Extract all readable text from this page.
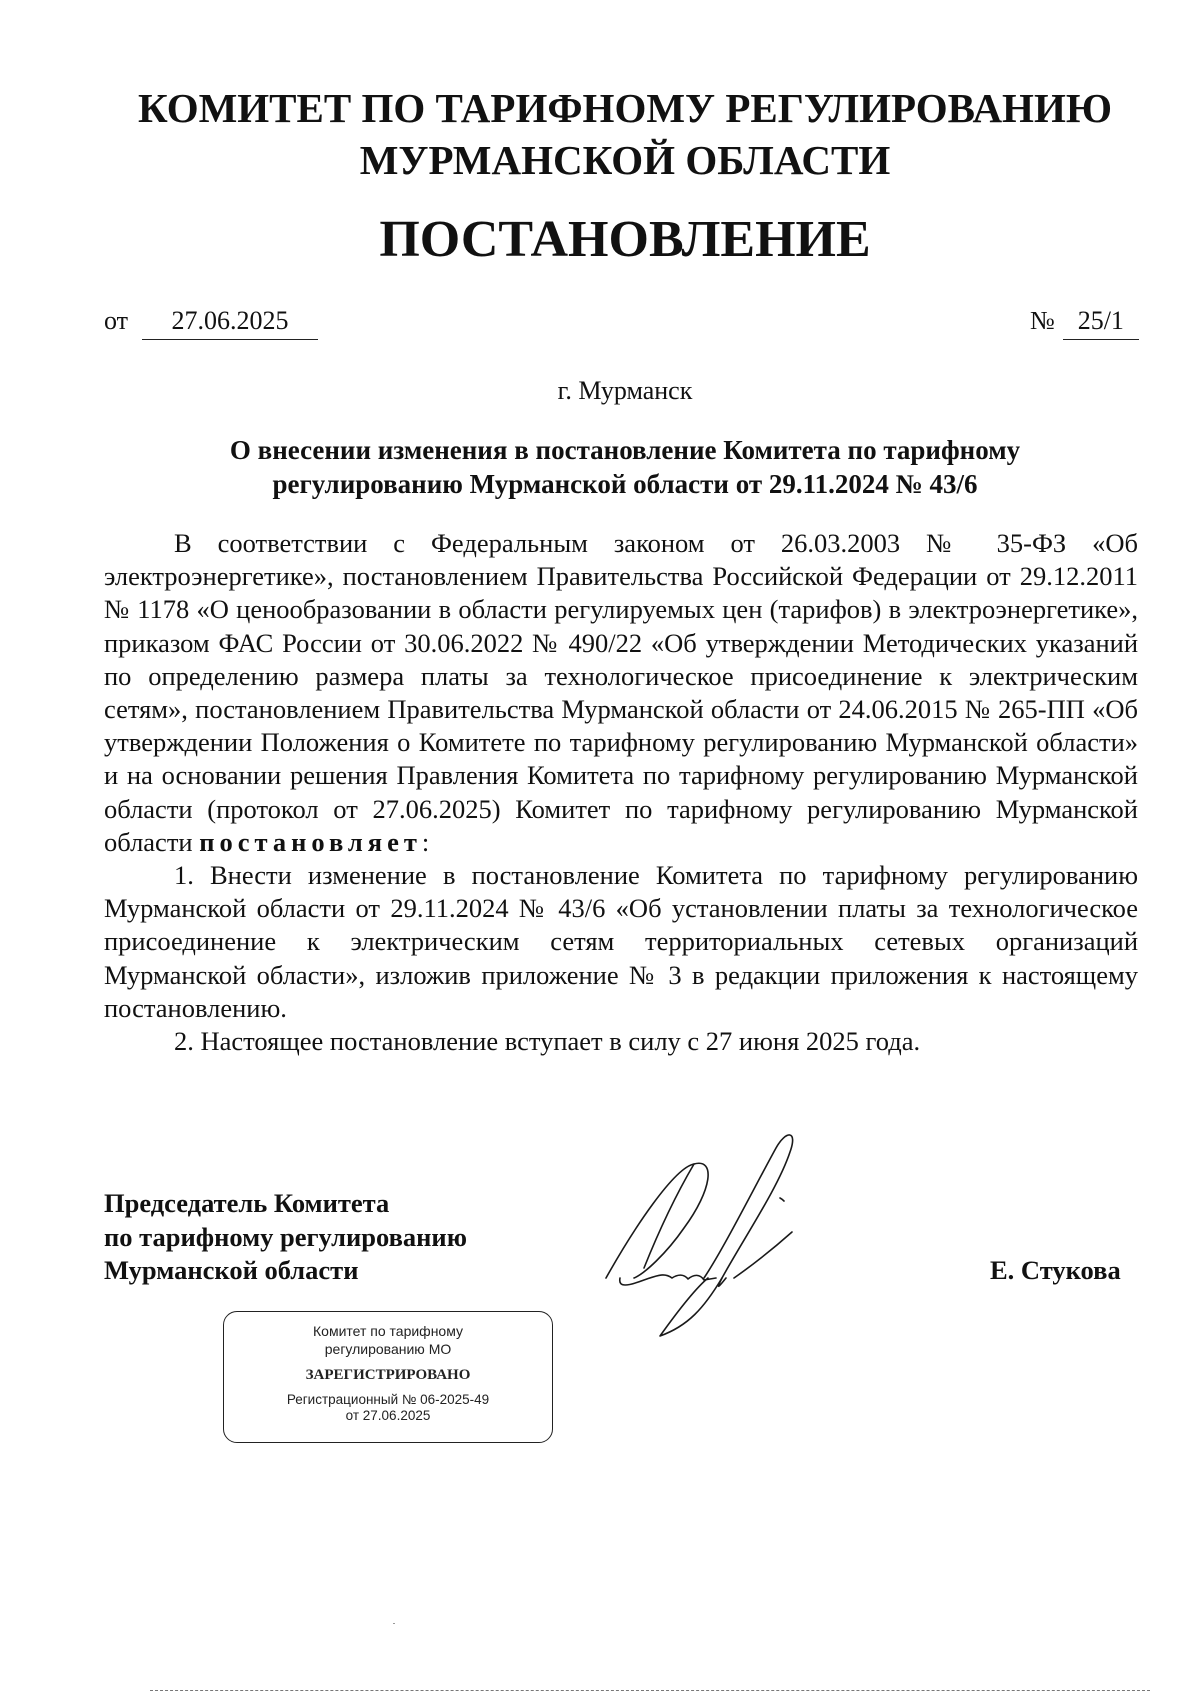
КОМИТЕТ ПО ТАРИФНОМУ РЕГУЛИРОВАНИЮ
МУРМАНСКОЙ ОБЛАСТИ
ПОСТАНОВЛЕНИЕ
от 27.06.2025	№ 25/1
г. Мурманск
О внесении изменения в постановление Комитета по тарифному
регулированию Мурманской области от 29.11.2024 № 43/6

В соответствии с Федеральным законом от 26.03.2003 № 35-ФЗ «Об электроэнергетике», постановлением Правительства Российской Федерации от 29.12.2011 № 1178 «О ценообразовании в области регулируемых цен (тарифов) в электроэнергетике», приказом ФАС России от 30.06.2022 № 490/22 «Об утверждении Методических указаний по определению размера платы за технологическое присоединение к электрическим сетям», постановлением Правительства Мурманской области от 24.06.2015 № 265-ПП «Об утверждении Положения о Комитете по тарифному регулированию Мурманской области» и на основании решения Правления Комитета по тарифному регулированию Мурманской области (протокол от 27.06.2025) Комитет по тарифному регулированию Мурманской области постановляет:

1. Внести изменение в постановление Комитета по тарифному регулированию Мурманской области от 29.11.2024 № 43/6 «Об установлении платы за технологическое присоединение к электрическим сетям территориальных сетевых организаций Мурманской области», изложив приложение № 3 в редакции приложения к настоящему постановлению.

2. Настоящее постановление вступает в силу с 27 июня 2025 года.

Председатель Комитета
по тарифному регулированию
Мурманской области	Е. Стукова
Комитет по тарифному
регулированию МО
ЗАРЕГИСТРИРОВАНО
Регистрационный № 06-2025-49
от 27.06.2025
